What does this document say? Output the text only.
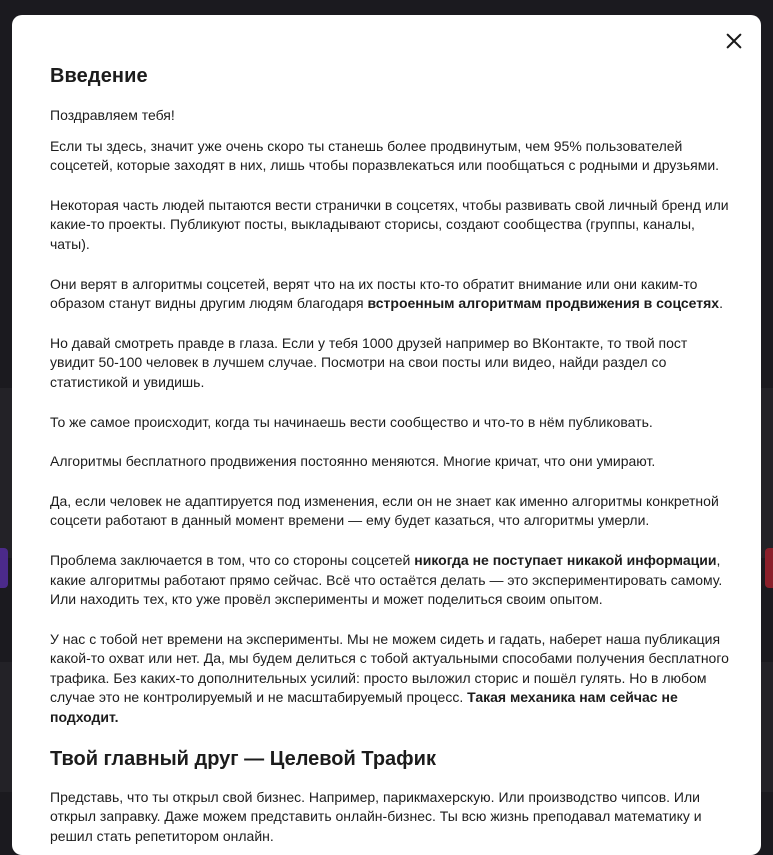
Введение

Поздравляем тебя!

Если ты здесь, значит уже очень скоро ты станешь более продвинутым, чем 95% пользователей соцсетей, которые заходят в них, лишь чтобы поразвлекаться или пообщаться с родными и друзьями.

Некоторая часть людей пытаются вести странички в соцсетях, чтобы развивать свой личный бренд или какие-то проекты. Публикуют посты, выкладывают сторисы, создают сообщества (группы, каналы, чаты).

Они верят в алгоритмы соцсетей, верят что на их посты кто-то обратит внимание или они каким-то образом станут видны другим людям благодаря встроенным алгоритмам продвижения в соцсетях.

Но давай смотреть правде в глаза. Если у тебя 1000 друзей например во ВКонтакте, то твой пост увидит 50-100 человек в лучшем случае. Посмотри на свои посты или видео, найди раздел со статистикой и увидишь.

То же самое происходит, когда ты начинаешь вести сообщество и что-то в нём публиковать.

Алгоритмы бесплатного продвижения постоянно меняются. Многие кричат, что они умирают.

Да, если человек не адаптируется под изменения, если он не знает как именно алгоритмы конкретной соцсети работают в данный момент времени — ему будет казаться, что алгоритмы умерли.

Проблема заключается в том, что со стороны соцсетей никогда не поступает никакой информации, какие алгоритмы работают прямо сейчас. Всё что остаётся делать — это экспериментировать самому. Или находить тех, кто уже провёл эксперименты и может поделиться своим опытом.

У нас с тобой нет времени на эксперименты. Мы не можем сидеть и гадать, наберет наша публикация какой-то охват или нет. Да, мы будем делиться с тобой актуальными способами получения бесплатного трафика. Без каких-то дополнительных усилий: просто выложил сторис и пошёл гулять. Но в любом случае это не контролируемый и не масштабируемый процесс. Такая механика нам сейчас не подходит.

Твой главный друг — Целевой Трафик

Представь, что ты открыл свой бизнес. Например, парикмахерскую. Или производство чипсов. Или открыл заправку. Даже можем представить онлайн-бизнес. Ты всю жизнь преподавал математику и решил стать репетитором онлайн.
